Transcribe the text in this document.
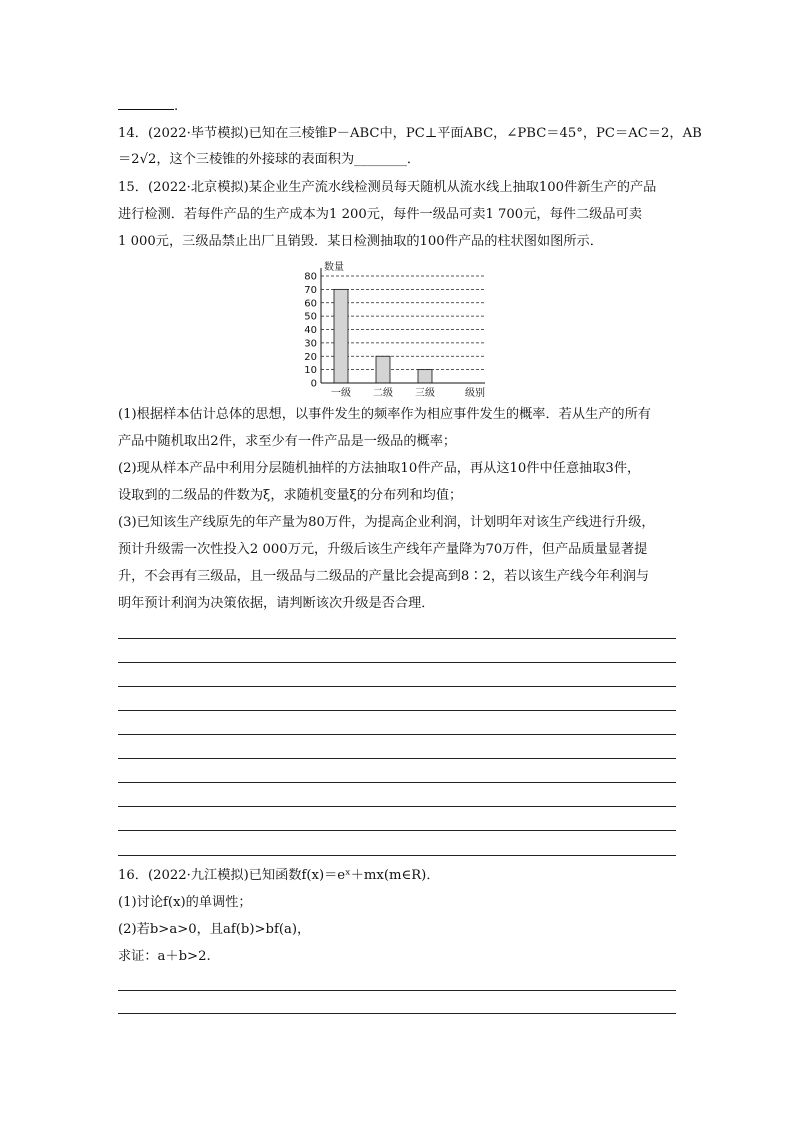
.
14．(2022·毕节模拟)已知在三棱锥P－ABC中，PC⊥平面ABC，∠PBC＝45°，PC＝AC＝2，AB
＝2√2，这个三棱锥的外接球的表面积为________．
15．(2022·北京模拟)某企业生产流水线检测员每天随机从流水线上抽取100件新生产的产品
进行检测．若每件产品的生产成本为1 200元，每件一级品可卖1 700元，每件二级品可卖
1 000元，三级品禁止出厂且销毁．某日检测抽取的100件产品的柱状图如图所示．
0
10
20
30
40
50
60
70
80
一级 二级 三级
数量
级别
(1)根据样本估计总体的思想，以事件发生的频率作为相应事件发生的概率．若从生产的所有
产品中随机取出2件，求至少有一件产品是一级品的概率；
(2)现从样本产品中利用分层随机抽样的方法抽取10件产品，再从这10件中任意抽取3件，
设取到的二级品的件数为ξ，求随机变量ξ的分布列和均值；
(3)已知该生产线原先的年产量为80万件，为提高企业利润，计划明年对该生产线进行升级，
预计升级需一次性投入2 000万元，升级后该生产线年产量降为70万件，但产品质量显著提
升，不会再有三级品，且一级品与二级品的产量比会提高到8∶2，若以该生产线今年利润与
明年预计利润为决策依据，请判断该次升级是否合理．
16．(2022·九江模拟)已知函数f(x)＝eˣ＋mx(m∈R)．
(1)讨论f(x)的单调性；
(2)若b>a>0，且af(b)>bf(a)，
求证：a＋b>2.
